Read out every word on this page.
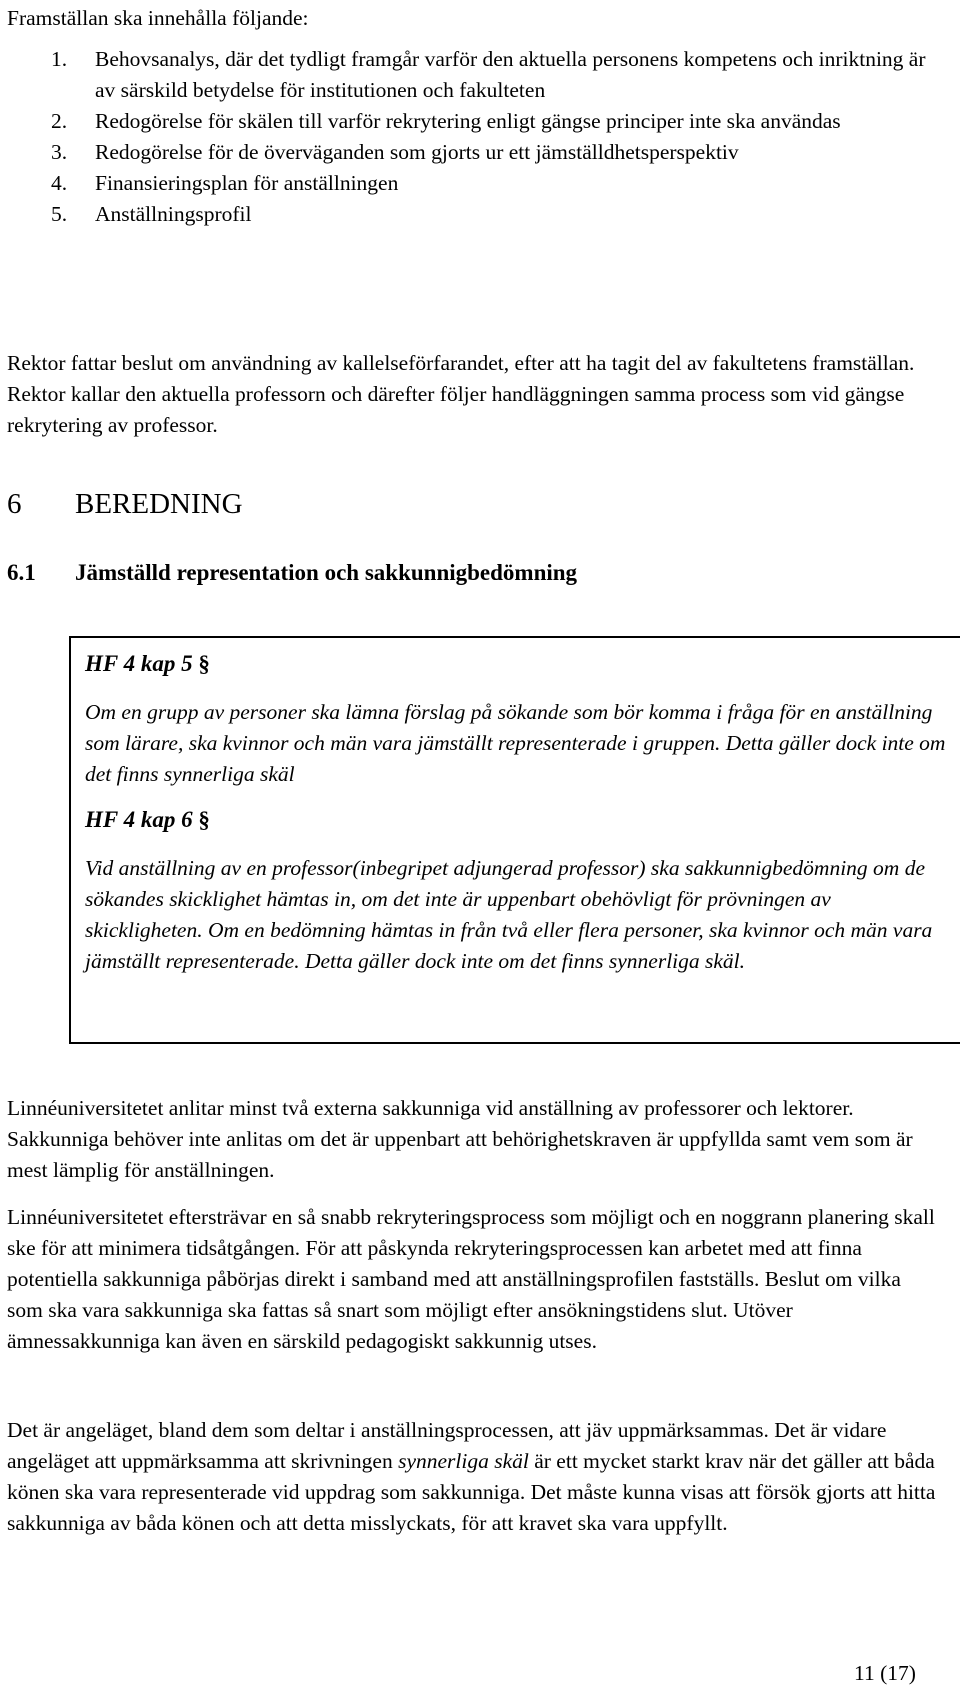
Framställan ska innehålla följande:

1. Behovsanalys, där det tydligt framgår varför den aktuella personens kompetens och inriktning är av särskild betydelse för institutionen och fakulteten
2. Redogörelse för skälen till varför rekrytering enligt gängse principer inte ska användas
3. Redogörelse för de överväganden som gjorts ur ett jämställdhetsperspektiv
4. Finansieringsplan för anställningen
5. Anställningsprofil

Rektor fattar beslut om användning av kallelseförfarandet, efter att ha tagit del av fakultetens framställan. Rektor kallar den aktuella professorn och därefter följer handläggningen samma process som vid gängse rekrytering av professor.

6 BEREDNING
6.1 Jämställd representation och sakkunnigbedömning

HF 4 kap 5 §

Om en grupp av personer ska lämna förslag på sökande som bör komma i fråga för en anställning som lärare, ska kvinnor och män vara jämställt representerade i gruppen. Detta gäller dock inte om det finns synnerliga skäl

HF 4 kap 6 §

Vid anställning av en professor(inbegripet adjungerad professor) ska sakkunnigbedömning om de sökandes skicklighet hämtas in, om det inte är uppenbart obehövligt för prövningen av skickligheten. Om en bedömning hämtas in från två eller flera personer, ska kvinnor och män vara jämställt representerade. Detta gäller dock inte om det finns synnerliga skäl.

Linnéuniversitetet anlitar minst två externa sakkunniga vid anställning av professorer och lektorer. Sakkunniga behöver inte anlitas om det är uppenbart att behörighetskraven är uppfyllda samt vem som är mest lämplig för anställningen.

Linnéuniversitetet eftersträvar en så snabb rekryteringsprocess som möjligt och en noggrann planering skall ske för att minimera tidsåtgången. För att påskynda rekryteringsprocessen kan arbetet med att finna potentiella sakkunniga påbörjas direkt i samband med att anställningsprofilen fastställs. Beslut om vilka som ska vara sakkunniga ska fattas så snart som möjligt efter ansökningstidens slut. Utöver ämnessakkunniga kan även en särskild pedagogiskt sakkunnig utses.

Det är angeläget, bland dem som deltar i anställningsprocessen, att jäv uppmärksammas. Det är vidare angeläget att uppmärksamma att skrivningen synnerliga skäl är ett mycket starkt krav när det gäller att båda könen ska vara representerade vid uppdrag som sakkunniga. Det måste kunna visas att försök gjorts att hitta sakkunniga av båda könen och att detta misslyckats, för att kravet ska vara uppfyllt.

11 (17)
